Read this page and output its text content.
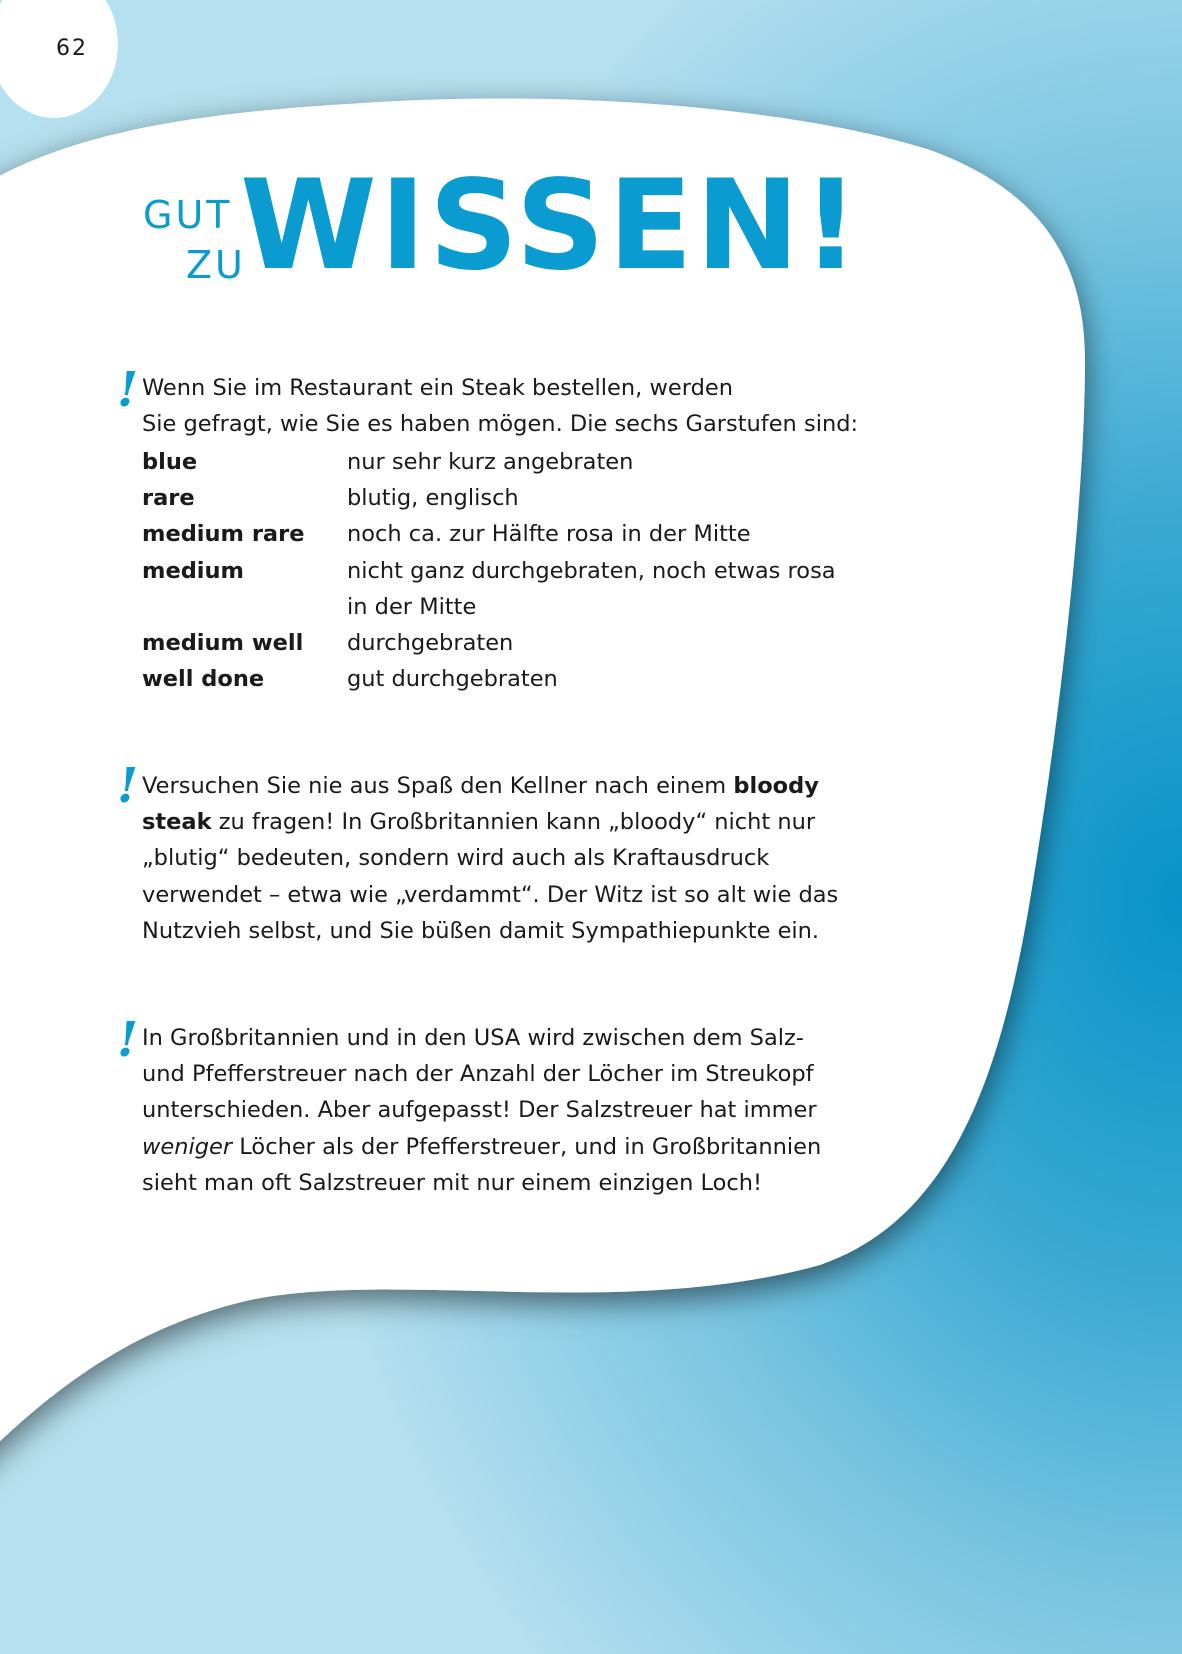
62
GUT
ZU
WISSEN!
! Wenn Sie im Restaurant ein Steak bestellen, werden

Sie gefragt, wie Sie es haben mögen. Die sechs Garstufen sind:

blue	nur sehr kurz angebraten
rare	blutig, englisch
medium rare	noch ca. zur Hälfte rosa in der Mitte
medium	nicht ganz durchgebraten, noch etwas rosa in der Mitte
medium well	durchgebraten
well done	gut durchgebraten
! Versuchen Sie nie aus Spaß den Kellner nach einem bloody steak zu fragen! In Großbritannien kann „bloody“ nicht nur „blutig“ bedeuten, sondern wird auch als Kraftausdruck verwendet – etwa wie „verdammt“. Der Witz ist so alt wie das Nutzvieh selbst, und Sie büßen damit Sympathiepunkte ein.
! In Großbritannien und in den USA wird zwischen dem Salz- und Pfefferstreuer nach der Anzahl der Löcher im Streukopf unterschieden. Aber aufgepasst! Der Salzstreuer hat immer weniger Löcher als der Pfefferstreuer, und in Großbritannien sieht man oft Salzstreuer mit nur einem einzigen Loch!
